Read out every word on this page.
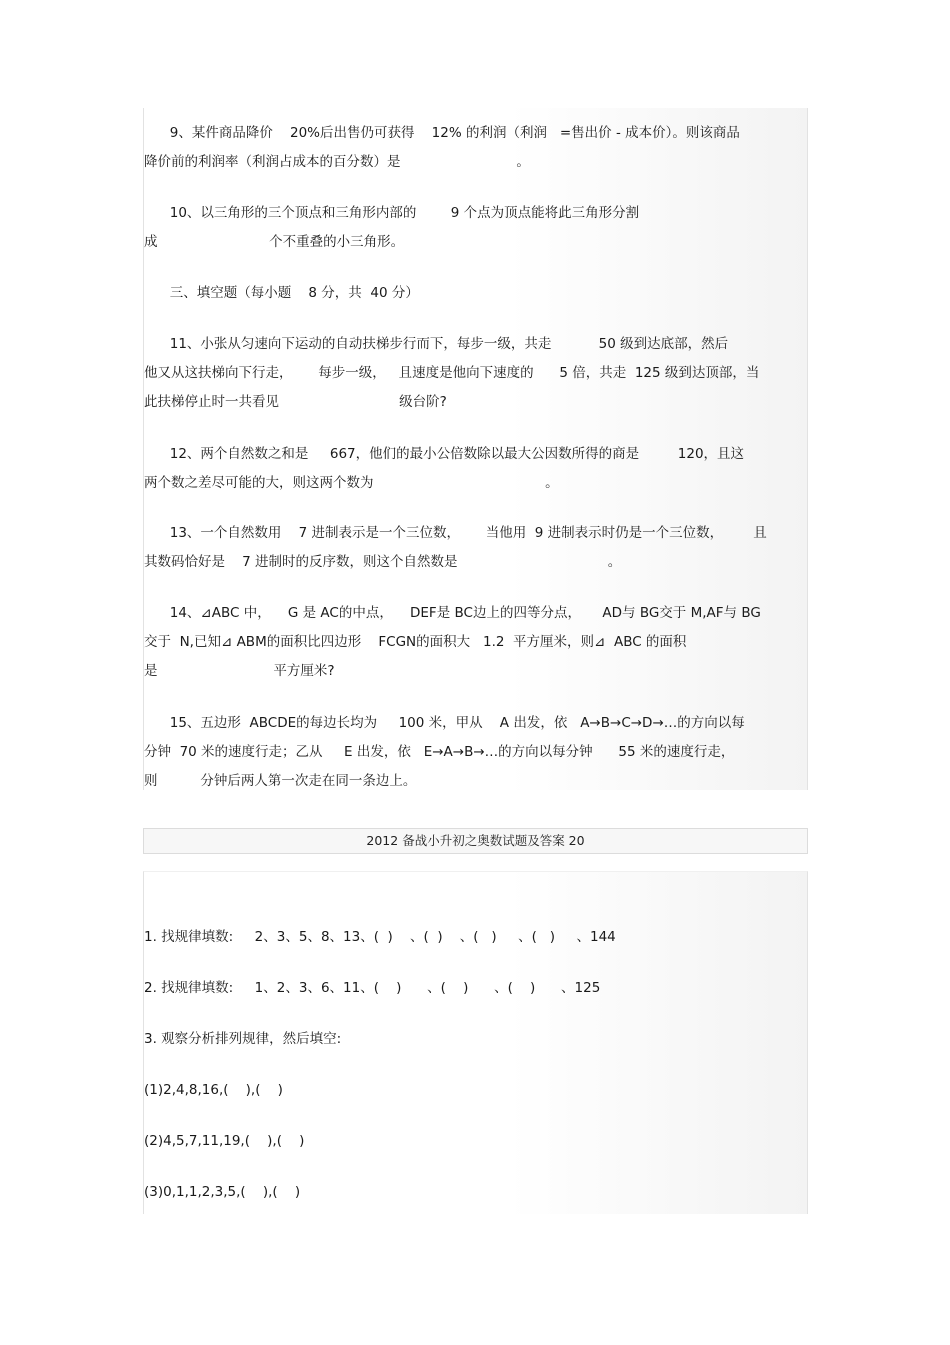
9、某件商品降价    20%后出售仍可获得    12% 的利润（利润   =售出价 - 成本价）。则该商品
降价前的利润率（利润占成本的百分数）是                           。
10、以三角形的三个顶点和三角形内部的        9 个点为顶点能将此三角形分割
成                          个不重叠的小三角形。
三、填空题（每小题    8 分，共  40 分）
11、小张从匀速向下运动的自动扶梯步行而下，每步一级，共走           50 级到达底部，然后
他又从这扶梯向下行走，      每步一级，   且速度是他向下速度的      5 倍，共走  125 级到达顶部，当
此扶梯停止时一共看见                            级台阶?
12、两个自然数之和是     667，他们的最小公倍数除以最大公因数所得的商是         120，且这
两个数之差尽可能的大，则这两个数为                                        。
13、一个自然数用    7 进制表示是一个三位数，      当他用  9 进制表示时仍是一个三位数，       且
其数码恰好是    7 进制时的反序数，则这个自然数是                                   。
14、⊿ABC 中，    G 是 AC的中点，    DEF是 BC边上的四等分点，     AD与 BG交于 M,AF与 BG
交于  N,已知⊿ ABM的面积比四边形    FCGN的面积大   1.2  平方厘米，则⊿  ABC 的面积
是                           平方厘米?
15、五边形  ABCDE的每边长均为     100 米，甲从    A 出发，依   A→B→C→D→…的方向以每
分钟  70 米的速度行走；乙从     E 出发，依   E→A→B→…的方向以每分钟      55 米的速度行走，
则          分钟后两人第一次走在同一条边上。
2012 备战小升初之奥数试题及答案 20
1. 找规律填数:     2、3、5、8、13、(  )    、(  )    、(   )     、(   )     、144
2. 找规律填数:     1、2、3、6、11、(    )      、(    )      、(    )      、125
3. 观察分析排列规律，然后填空:
(1)2,4,8,16,(    ),(    )
(2)4,5,7,11,19,(    ),(    )
(3)0,1,1,2,3,5,(    ),(    )
